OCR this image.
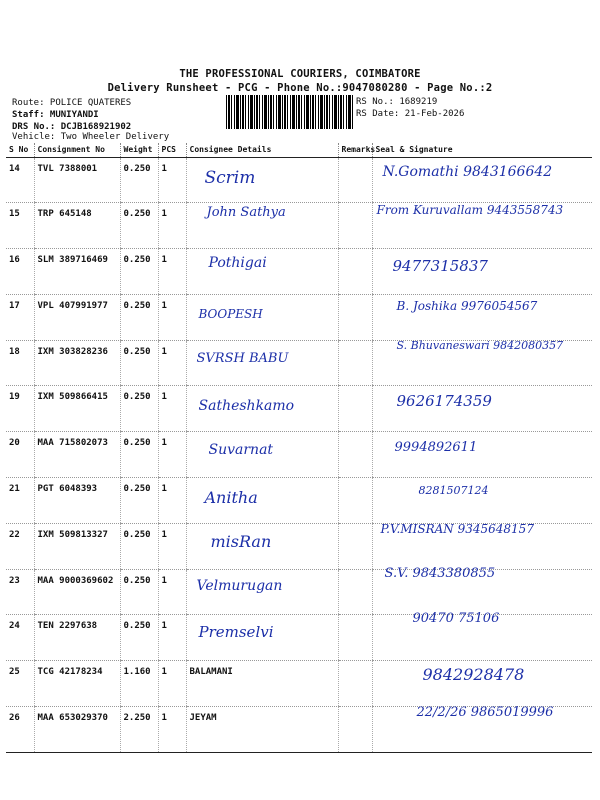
THE PROFESSIONAL COURIERS, COIMBATORE
Delivery Runsheet - PCG - Phone No.:9047080280 - Page No.:2
Route: POLICE QUATERES
Staff: MUNIYANDI
DRS No.: DCJB168921902
Vehicle: Two Wheeler Delivery
RS No.: 1689219
RS Date: 21-Feb-2026
S No	Consignment No	Weight	PCS	Consignee Details	Remarks	Seal & Signature
14	TVL 7388001	0.250	1	Scrim		N.Gomathi 9843166642

15	TRP 645148	0.250	1	John Sathya		From Kuruvallam 9443558743

16	SLM 389716469	0.250	1	Pothigai		9477315837

17	VPL 407991977	0.250	1	BOOPESH		B. Joshika 9976054567

18	IXM 303828236	0.250	1	SVRSH BABU		S. Bhuvaneswari 9842080357

19	IXM 509866415	0.250	1	Satheshkamo		9626174359

20	MAA 715802073	0.250	1	Suvarnat		9994892611

21	PGT 6048393	0.250	1	Anitha		8281507124

22	IXM 509813327	0.250	1	misRan		P.V.MISRAN 9345648157

23	MAA 9000369602	0.250	1	Velmurugan		S.V. 9843380855

24	TEN 2297638	0.250	1	Premselvi		90470 75106

25	TCG 42178234	1.160	1	BALAMANI		9842928478

26	MAA 653029370	2.250	1	JEYAM		22/2/26 9865019996
